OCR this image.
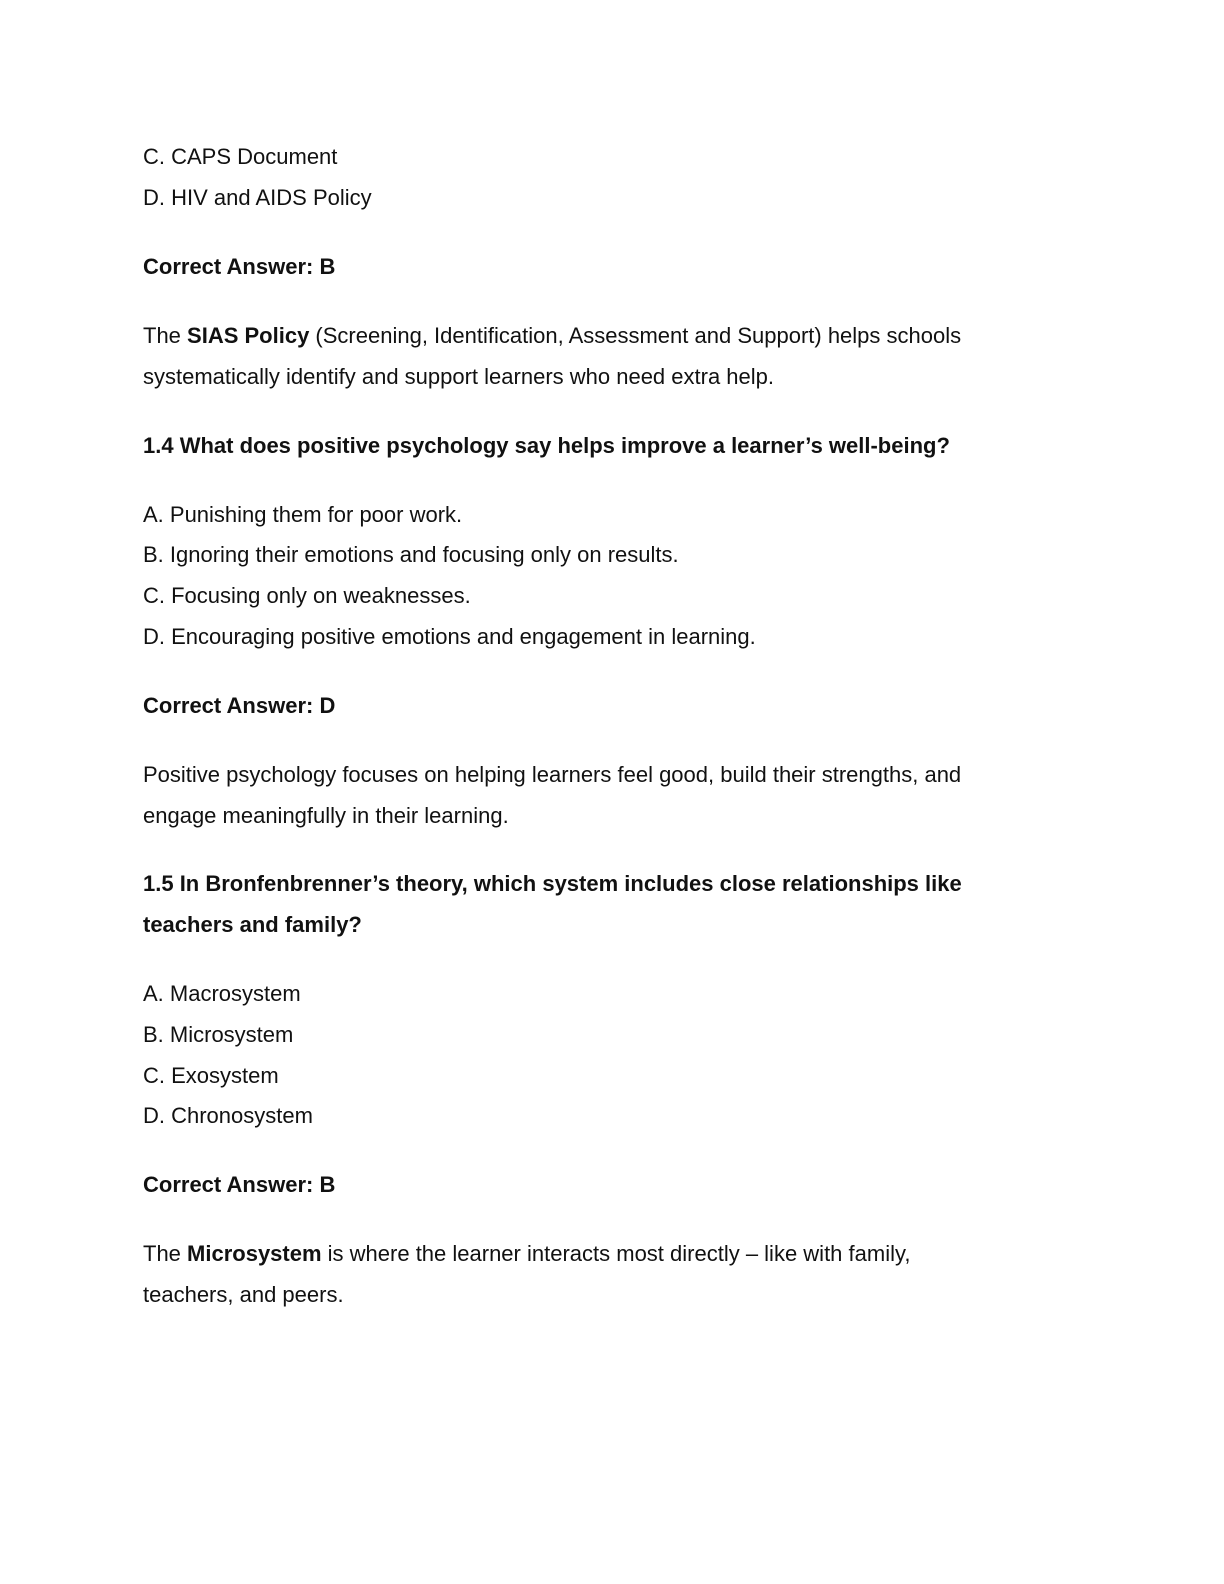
C. CAPS Document
D. HIV and AIDS Policy
Correct Answer: B
The SIAS Policy (Screening, Identification, Assessment and Support) helps schools
systematically identify and support learners who need extra help.
1.4 What does positive psychology say helps improve a learner’s well-being?
A. Punishing them for poor work.
B. Ignoring their emotions and focusing only on results.
C. Focusing only on weaknesses.
D. Encouraging positive emotions and engagement in learning.
Correct Answer: D
Positive psychology focuses on helping learners feel good, build their strengths, and
engage meaningfully in their learning.
1.5 In Bronfenbrenner’s theory, which system includes close relationships like
teachers and family?
A. Macrosystem
B. Microsystem
C. Exosystem
D. Chronosystem
Correct Answer: B
The Microsystem is where the learner interacts most directly – like with family,
teachers, and peers.
